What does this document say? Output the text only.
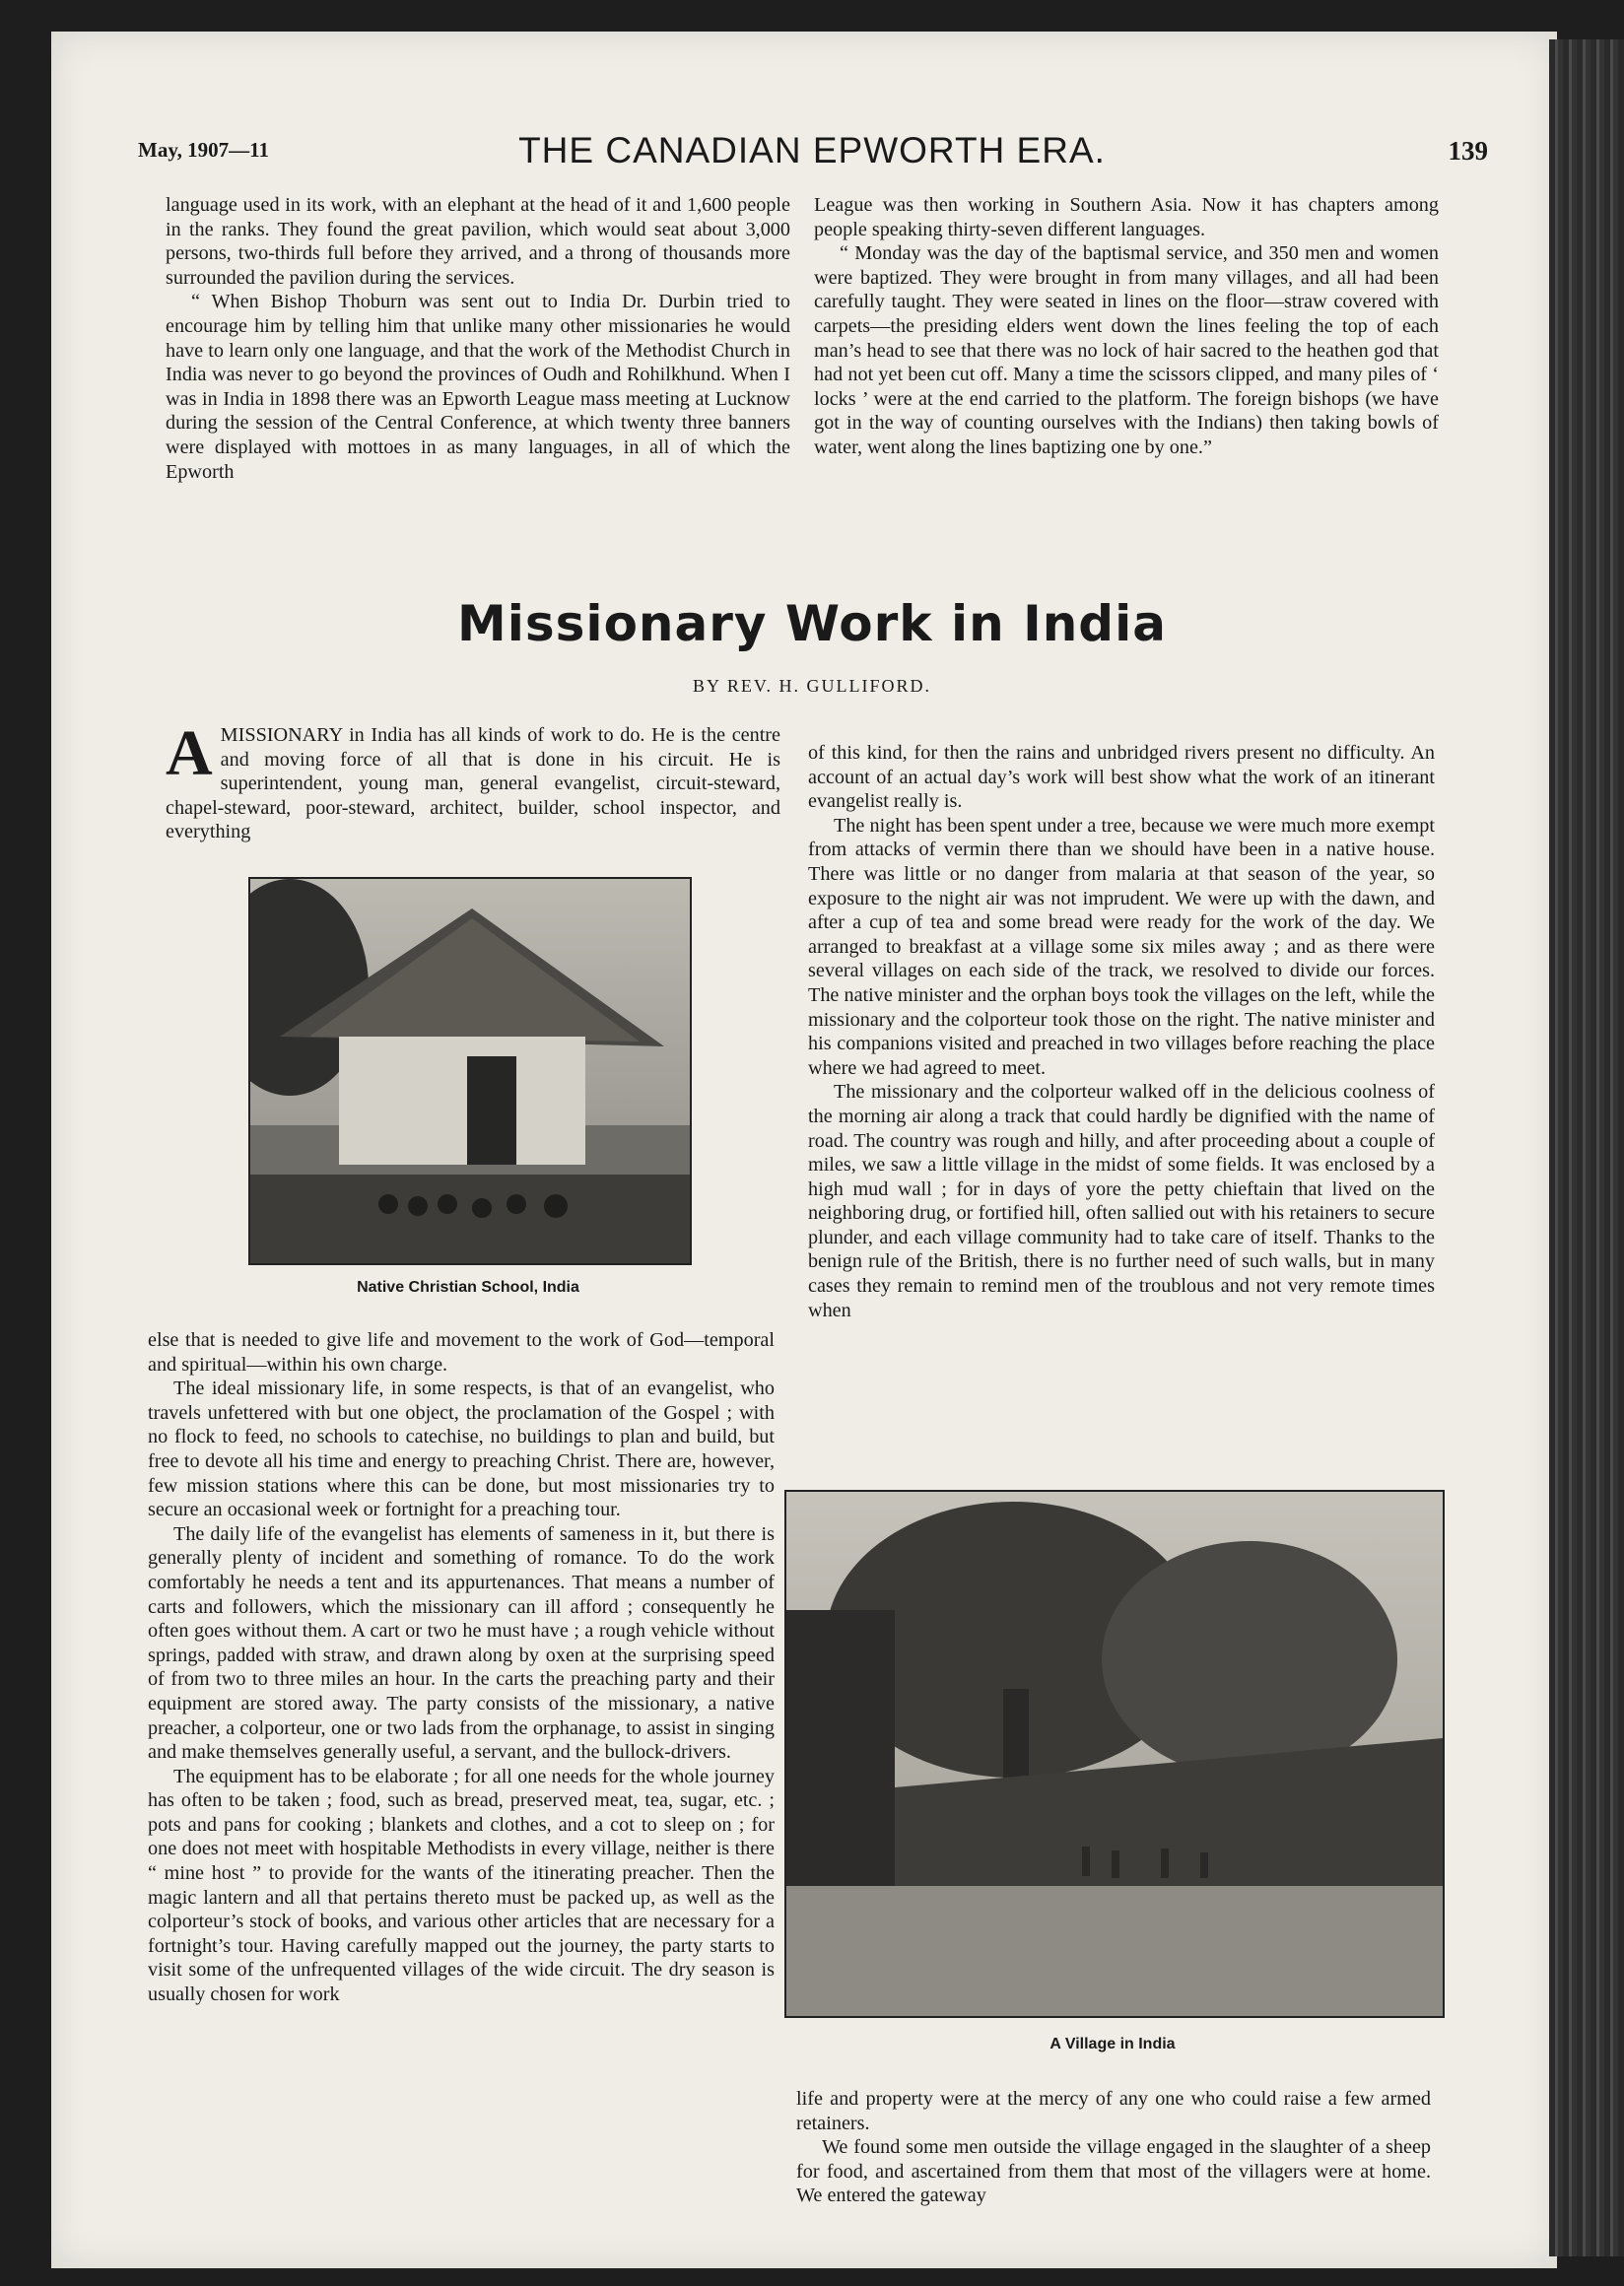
May, 1907—11	THE CANADIAN EPWORTH ERA.	139

language used in its work, with an elephant at the head of it and 1,600 people in the ranks. They found the great pavilion, which would seat about 3,000 persons, two-thirds full before they arrived, and a throng of thousands more surrounded the pavilion during the services.

“ When Bishop Thoburn was sent out to India Dr. Durbin tried to encourage him by telling him that unlike many other missionaries he would have to learn only one language, and that the work of the Methodist Church in India was never to go beyond the provinces of Oudh and Rohilkhund. When I was in India in 1898 there was an Epworth League mass meeting at Lucknow during the session of the Central Conference, at which twenty three banners were displayed with mottoes in as many languages, in all of which the Epworth

League was then working in Southern Asia. Now it has chapters among people speaking thirty-seven different languages.

“ Monday was the day of the baptismal service, and 350 men and women were baptized. They were brought in from many villages, and all had been carefully taught. They were seated in lines on the floor—straw covered with carpets—the presiding elders went down the lines feeling the top of each man’s head to see that there was no lock of hair sacred to the heathen god that had not yet been cut off. Many a time the scissors clipped, and many piles of ‘ locks ’ were at the end carried to the platform. The foreign bishops (we have got in the way of counting ourselves with the Indians) then taking bowls of water, went along the lines baptizing one by one.”

Missionary Work in India
BY REV. H. GULLIFORD.
A MISSIONARY in India has all kinds of work to do. He is the centre and moving force of all that is done in his circuit. He is superintendent, young man, general evangelist, circuit-steward, chapel-steward, poor-steward, architect, builder, school inspector, and everything
Native Christian School, India

else that is needed to give life and movement to the work of God—temporal and spiritual—within his own charge.

The ideal missionary life, in some respects, is that of an evangelist, who travels unfettered with but one object, the proclamation of the Gospel ; with no flock to feed, no schools to catechise, no buildings to plan and build, but free to devote all his time and energy to preaching Christ. There are, however, few mission stations where this can be done, but most missionaries try to secure an occasional week or fortnight for a preaching tour.

The daily life of the evangelist has elements of sameness in it, but there is generally plenty of incident and something of romance. To do the work comfortably he needs a tent and its appurtenances. That means a number of carts and followers, which the missionary can ill afford ; consequently he often goes without them. A cart or two he must have ; a rough vehicle without springs, padded with straw, and drawn along by oxen at the surprising speed of from two to three miles an hour. In the carts the preaching party and their equipment are stored away. The party consists of the missionary, a native preacher, a colporteur, one or two lads from the orphanage, to assist in singing and make themselves generally useful, a servant, and the bullock-drivers.

The equipment has to be elaborate ; for all one needs for the whole journey has often to be taken ; food, such as bread, preserved meat, tea, sugar, etc. ; pots and pans for cooking ; blankets and clothes, and a cot to sleep on ; for one does not meet with hospitable Methodists in every village, neither is there “ mine host ” to provide for the wants of the itinerating preacher. Then the magic lantern and all that pertains thereto must be packed up, as well as the colporteur’s stock of books, and various other articles that are necessary for a fortnight’s tour. Having carefully mapped out the journey, the party starts to visit some of the unfrequented villages of the wide circuit. The dry season is usually chosen for work

of this kind, for then the rains and unbridged rivers present no difficulty. An account of an actual day’s work will best show what the work of an itinerant evangelist really is.

The night has been spent under a tree, because we were much more exempt from attacks of vermin there than we should have been in a native house. There was little or no danger from malaria at that season of the year, so exposure to the night air was not imprudent. We were up with the dawn, and after a cup of tea and some bread were ready for the work of the day. We arranged to breakfast at a village some six miles away ; and as there were several villages on each side of the track, we resolved to divide our forces. The native minister and the orphan boys took the villages on the left, while the missionary and the colporteur took those on the right. The native minister and his companions visited and preached in two villages before reaching the place where we had agreed to meet.

The missionary and the colporteur walked off in the delicious coolness of the morning air along a track that could hardly be dignified with the name of road. The country was rough and hilly, and after proceeding about a couple of miles, we saw a little village in the midst of some fields. It was enclosed by a high mud wall ; for in days of yore the petty chieftain that lived on the neighboring drug, or fortified hill, often sallied out with his retainers to secure plunder, and each village community had to take care of itself. Thanks to the benign rule of the British, there is no further need of such walls, but in many cases they remain to remind men of the troublous and not very remote times when

A Village in India

life and property were at the mercy of any one who could raise a few armed retainers.

We found some men outside the village engaged in the slaughter of a sheep for food, and ascertained from them that most of the villagers were at home. We entered the gateway
